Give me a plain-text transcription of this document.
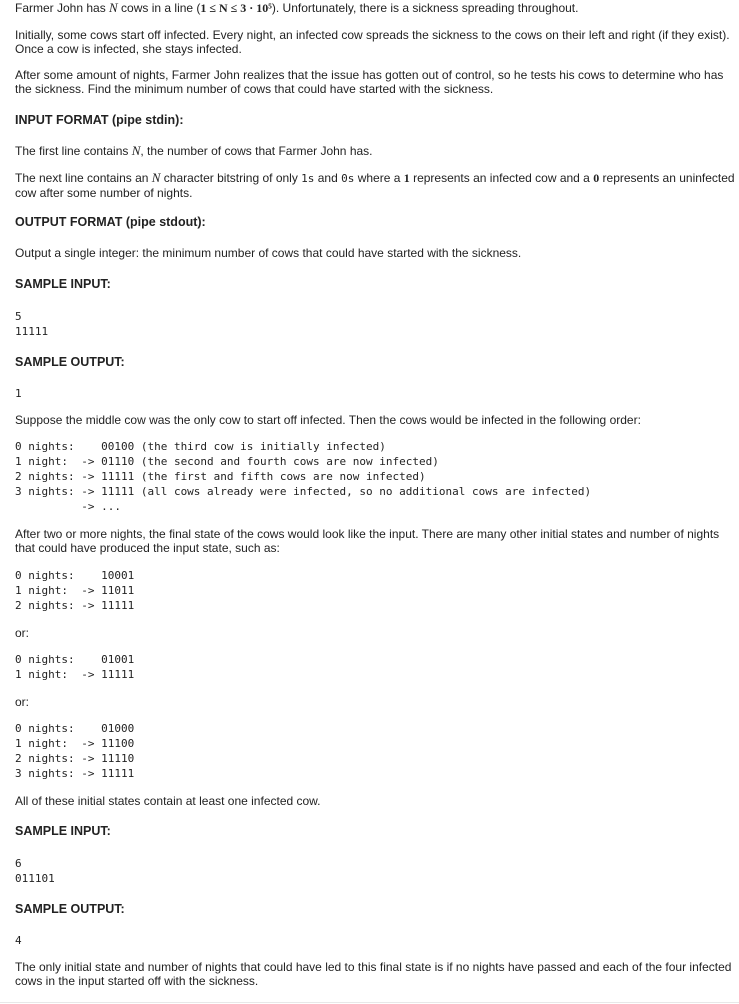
Farmer John has N cows in a line (1 ≤ N ≤ 3 · 10⁵). Unfortunately, there is a sickness spreading throughout.

Initially, some cows start off infected. Every night, an infected cow spreads the sickness to the cows on their left and right (if they exist). Once a cow is infected, she stays infected.

After some amount of nights, Farmer John realizes that the issue has gotten out of control, so he tests his cows to determine who has the sickness. Find the minimum number of cows that could have started with the sickness.

INPUT FORMAT (pipe stdin):

The first line contains N, the number of cows that Farmer John has.

The next line contains an N character bitstring of only 1s and 0s where a 1 represents an infected cow and a 0 represents an uninfected cow after some number of nights.

OUTPUT FORMAT (pipe stdout):

Output a single integer: the minimum number of cows that could have started with the sickness.

SAMPLE INPUT:
5
11111
SAMPLE OUTPUT:
1

Suppose the middle cow was the only cow to start off infected. Then the cows would be infected in the following order:

0 nights:    00100 (the third cow is initially infected)
1 night:  -> 01110 (the second and fourth cows are now infected)
2 nights: -> 11111 (the first and fifth cows are now infected)
3 nights: -> 11111 (all cows already were infected, so no additional cows are infected)
-> ...

After two or more nights, the final state of the cows would look like the input. There are many other initial states and number of nights that could have produced the input state, such as:

0 nights:    10001
1 night:  -> 11011
2 nights: -> 11111

or:

0 nights:    01001
1 night:  -> 11111

or:

0 nights:    01000
1 night:  -> 11100
2 nights: -> 11110
3 nights: -> 11111

All of these initial states contain at least one infected cow.

SAMPLE INPUT:
6
011101
SAMPLE OUTPUT:
4

The only initial state and number of nights that could have led to this final state is if no nights have passed and each of the four infected cows in the input started off with the sickness.
